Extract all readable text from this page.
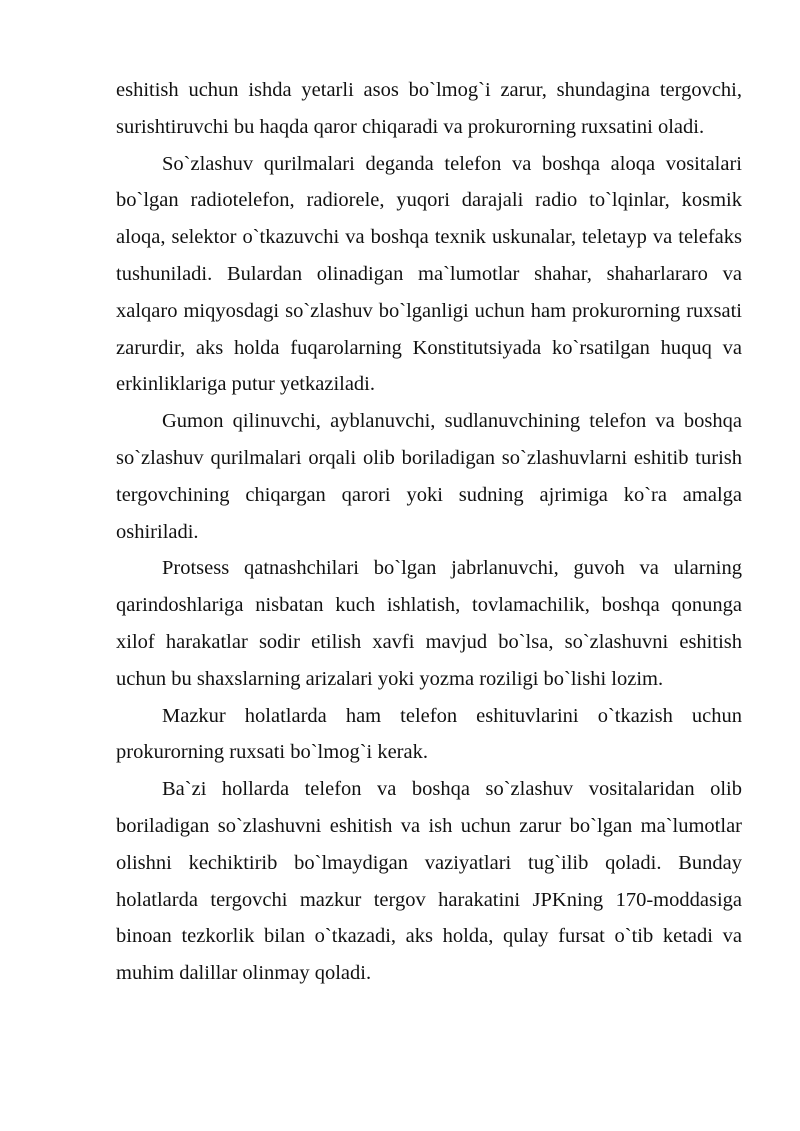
eshitish uchun ishda yetarli asos bo`lmog`i zarur, shundagina tergovchi, surishtiruvchi bu haqda qaror chiqaradi va prokurorning ruxsatini oladi.

So`zlashuv qurilmalari deganda telefon va boshqa aloqa vositalari bo`lgan radiotelefon, radiorele, yuqori darajali radio to`lqinlar, kosmik aloqa, selektor o`tkazuvchi va boshqa texnik uskunalar, teletayp va telefaks tushuniladi. Bulardan olinadigan ma`lumotlar shahar, shaharlararo va xalqaro miqyosdagi so`zlashuv bo`lganligi uchun ham prokurorning ruxsati zarurdir, aks holda fuqarolarning Konstitutsiyada ko`rsatilgan huquq va erkinliklariga putur yetkaziladi.

Gumon qilinuvchi, ayblanuvchi, sudlanuvchining telefon va boshqa so`zlashuv qurilmalari orqali olib boriladigan so`zlashuvlarni eshitib turish tergovchining chiqargan qarori yoki sudning ajrimiga ko`ra amalga oshiriladi.

Protsess qatnashchilari bo`lgan jabrlanuvchi, guvoh va ularning qarindoshlariga nisbatan kuch ishlatish, tovlamachilik, boshqa qonunga xilof harakatlar sodir etilish xavfi mavjud bo`lsa, so`zlashuvni eshitish uchun bu shaxslarning arizalari yoki yozma roziligi bo`lishi lozim.

Mazkur holatlarda ham telefon eshituvlarini o`tkazish uchun prokurorning ruxsati bo`lmog`i kerak.

Ba`zi hollarda telefon va boshqa so`zlashuv vositalaridan olib boriladigan so`zlashuvni eshitish va ish uchun zarur bo`lgan ma`lumotlar olishni kechiktirib bo`lmaydigan vaziyatlari tug`ilib qoladi. Bunday holatlarda tergovchi mazkur tergov harakatini JPKning 170-moddasiga binoan tezkorlik bilan o`tkazadi, aks holda, qulay fursat o`tib ketadi va muhim dalillar olinmay qoladi.
